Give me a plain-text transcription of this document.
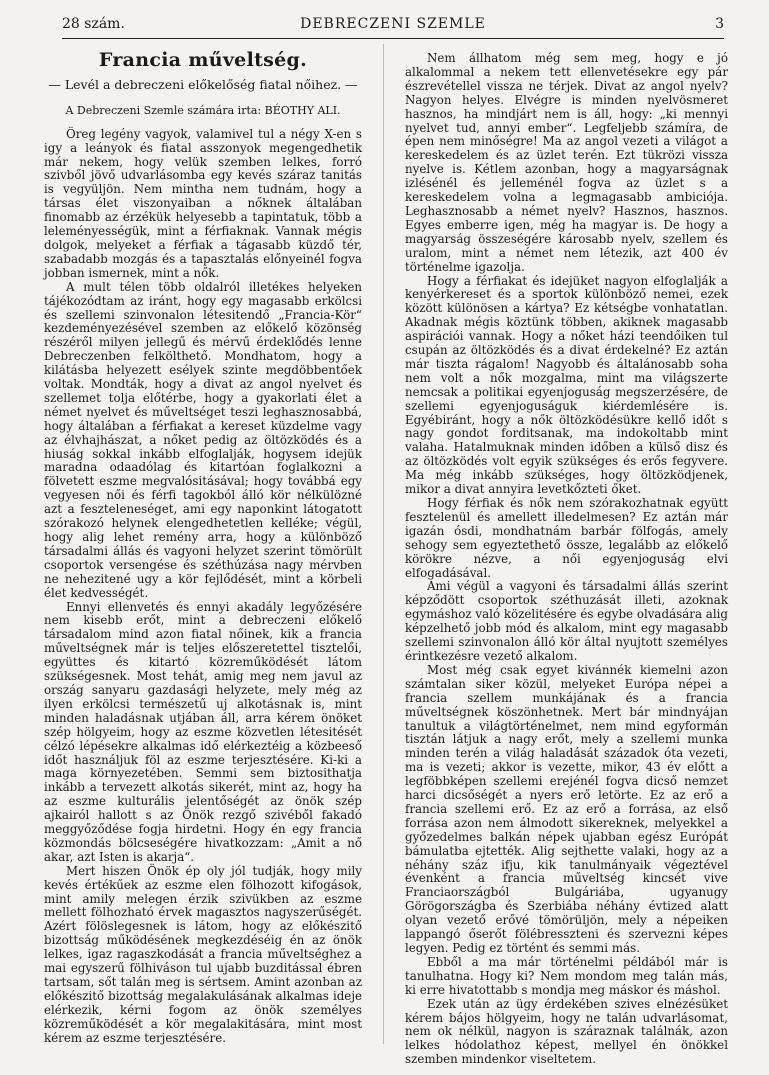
28 szám.	DEBRECZENI SZEMLE	3
Francia műveltség.
— Levél a debreczeni előkelőség fiatal nőihez. —
A Debreczeni Szemle számára irta: BÉOTHY ALI.

Öreg legény vagyok, valamivel tul a négy X-en s igy a leányok és fiatal asszonyok megengedhetik már nekem, hogy velük szemben lelkes, forró szivből jövő udvarlásomba egy kevés száraz tanitás is vegyüljön. Nem mintha nem tudnám, hogy a társas élet viszonyaiban a nőknek általában finomabb az érzékük helyesebb a tapintatuk, több a leleményességük, mint a férfiaknak. Vannak mégis dolgok, melyeket a férfiak a tágasabb küzdő tér, szabadabb mozgás és a tapasztalás előnyeinél fogva jobban ismernek, mint a nők.

A mult télen több oldalról illetékes helyeken tájékozódtam az iránt, hogy egy magasabb erkölcsi és szellemi szinvonalon létesitendő „Francia-Kör“ kezdeményezésével szemben az előkelő közönség részéről milyen jellegű és mérvű érdeklődés lenne Debreczenben felkölthető. Mondhatom, hogy a kilátásba helyezett esélyek szinte megdöbbentőek voltak. Mondták, hogy a divat az angol nyelvet és szellemet tolja előtérbe, hogy a gyakorlati élet a német nyelvet és műveltséget teszi leghasznosabbá, hogy általában a férfiakat a kereset küzdelme vagy az élvhajhászat, a nőket pedig az öltözködés és a hiuság sokkal inkább elfoglalják, hogysem idejük maradna odaadólag és kitartóan foglalkozni a fölvetett eszme megvalósitásával; hogy továbbá egy vegyesen női és férfi tagokból álló kör nélkülözné azt a feszteleneséget, ami egy naponkint látogatott szórakozó helynek elengedhetetlen kelléke; végül, hogy alig lehet remény arra, hogy a különböző társadalmi állás és vagyoni helyzet szerint tömörült csoportok versengése és széthúzása nagy mérvben ne nehezitené ugy a kör fejlődését, mint a körbeli élet kedvességét.

Ennyi ellenvetés és ennyi akadály legyőzésére nem kisebb erőt, mint a debreczeni előkelő társadalom mind azon fiatal nőinek, kik a francia műveltségnek már is teljes előszeretettel tisztelői, együttes és kitartó közreműködését látom szükségesnek. Most tehát, amig meg nem javul az ország sanyaru gazdasági helyzete, mely még az ilyen erkölcsi természetű uj alkotásnak is, mint minden haladásnak utjában áll, arra kérem önöket szép hölgyeim, hogy az eszme közvetlen létesitését célzó lépésekre alkalmas idő elérkeztéig a közbeeső időt használjuk föl az eszme terjesztésére. Ki-ki a maga környezetében. Semmi sem biztosithatja inkább a tervezett alkotás sikerét, mint az, hogy ha az eszme kulturális jelentőségét az önök szép ajkairól hallott s az Önök rezgő szivéből fakadó meggyőződése fogja hirdetni. Hogy én egy francia közmondás bölcseségére hivatkozzam: „Amit a nő akar, azt Isten is akarja“.

Mert hiszen Önök ép oly jól tudják, hogy mily kevés értékűek az eszme elen fölhozott kifogások, mint amily melegen érzik szivükben az eszme mellett fölhozható érvek magasztos nagyszerűségét. Azért fölöslegesnek is látom, hogy az előkészitő bizottság működésének megkezdéséig én az önök lelkes, igaz ragaszkodását a francia műveltséghez a mai egyszerű fölhiváson tul ujabb buzditással ébren tartsam, sőt talán meg is sértsem. Amint azonban az előkészitő bizottság megalakulásának alkalmas ideje elérkezik, kérni fogom az önök személyes közreműködését a kör megalakitására, mint most kérem az eszme terjesztésére.

Nem állhatom még sem meg, hogy e jó alkalommal a nekem tett ellenvetésekre egy pár észrevétellel vissza ne térjek. Divat az angol nyelv? Nagyon helyes. Elvégre is minden nyelvösmeret hasznos, ha mindjárt nem is áll, hogy: „ki mennyi nyelvet tud, annyi ember“. Legfeljebb számíra, de épen nem minőségre! Ma az angol vezeti a világot a kereskedelem és az üzlet terén. Ezt tükrözi vissza nyelve is. Kétlem azonban, hogy a magyarságnak izlésénél és jelleménél fogva az üzlet s a kereskedelem volna a legmagasabb ambiciója. Leghasznosabb a német nyelv? Hasznos, hasznos. Egyes emberre igen, még ha magyar is. De hogy a magyarság összeségére károsabb nyelv, szellem és uralom, mint a német nem létezik, azt 400 év történelme igazolja.

Hogy a férfiakat és idejüket nagyon elfoglalják a kenyérkereset és a sportok különböző nemei, ezek között különösen a kártya? Ez kétségbe vonhatatlan. Akadnak mégis köztünk többen, akiknek magasabb aspirációi vannak. Hogy a nőket házi teendőiken tul csupán az öltözködés és a divat érdekelné? Ez aztán már tiszta rágalom! Nagyobb és általánosabb soha nem volt a nők mozgalma, mint ma világszerte nemcsak a politikai egyenjoguság megszerzésére, de szellemi egyenjoguságuk kiérdemlésére is. Egyébiránt, hogy a nők öltözködésükre kellő időt s nagy gondot forditsanak, ma indokoltabb mint valaha. Hatalmuknak minden időben a külső disz és az öltözködés volt egyik szükséges és erős fegyvere. Ma még inkább szükséges, hogy öltözködjenek, mikor a divat annyira levetkőzteti őket.

Hogy férfiak és nők nem szórakozhatnak együtt fesztelenül és amellett illedelmesen? Ez aztán már igazán ósdi, mondhatnám barbár fölfogás, amely sehogy sem egyeztethető össze, legalább az előkelő körökre nézve, a női egyenjoguság elvi elfogadásával.

Ami végül a vagyoni és társadalmi állás szerint képződött csoportok széthuzását illeti, azoknak egymáshoz való közelitésére és egybe olvadására alig képzelhető jobb mód és alkalom, mint egy magasabb szellemi szinvonalon álló kör által nyujtott személyes érintkezésre vezető alkalom.

Most még csak egyet kivánnék kiemelni azon számtalan siker közül, melyeket Európa népei a francia szellem munkájának és a francia műveltségnek köszönhetnek. Mert bár mindnyájan tanultuk a világtörténelmet, nem mind egyformán tisztán látjuk a nagy erőt, mely a szellemi munka minden terén a világ haladását századok óta vezeti, ma is vezeti; akkor is vezette, mikor, 43 év előtt a legföbbképen szellemi erejénél fogva dicső nemzet harci dicsőségét a nyers erő letörte. Ez az erő a francia szellemi erő. Ez az erő a forrása, az első forrása azon nem álmodott sikereknek, melyekkel a győzedelmes balkán népek ujabban egész Európát bámulatba ejtették. Alig sejthette valaki, hogy az a néhány száz ifju, kik tanulmányaik végeztével évenként a francia műveltség kincsét vive Franciaországból Bulgáriába, ugyanugy Görögországba és Szerbiába néhány évtized alatt olyan vezető erővé tömörüljön, mely a népeiken lappangó őserőt fölébresszteni és szervezni képes legyen. Pedig ez történt és semmi más.

Ebből a ma már történelmi példából már is tanulhatna. Hogy ki? Nem mondom meg talán más, ki erre hivatottabb s mondja meg máskor és máshol.

Ezek után az ügy érdekében szives elnézésüket kérem bájos hölgyeim, hogy ne talán udvarlásomat, nem ok nélkül, nagyon is száraznak találnák, azon lelkes hódolathoz képest, mellyel én önökkel szemben mindenkor viseltetem.
